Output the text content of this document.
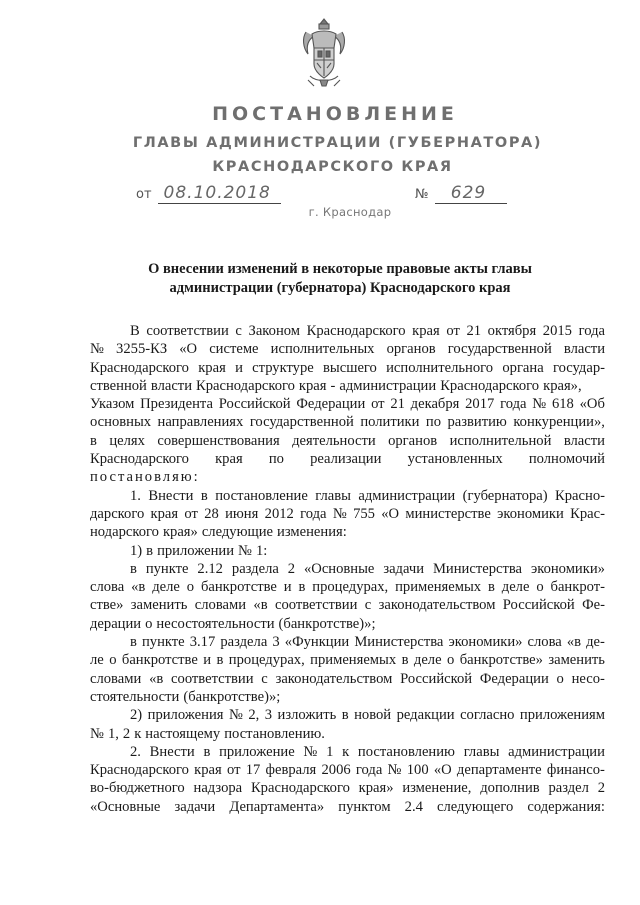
ПОСТАНОВЛЕНИЕ
ГЛАВЫ АДМИНИСТРАЦИИ (ГУБЕРНАТОРА)
КРАСНОДАРСКОГО КРАЯ
от 08.10.2018	№ 629
г. Краснодар
О внесении изменений в некоторые правовые акты главы
администрации (губернатора) Краснодарского края
В соответствии с Законом Краснодарского края от 21 октября 2015 года
№ 3255-КЗ «О системе исполнительных органов государственной власти
Краснодарского края и структуре высшего исполнительного органа государ-
ственной власти Краснодарского края - администрации Краснодарского края»,
Указом Президента Российской Федерации от 21 декабря 2017 года № 618 «Об
основных направлениях государственной политики по развитию конкуренции»,
в целях совершенствования деятельности органов исполнительной власти
Краснодарского края по реализации установленных полномочий
постановляю:
1. Внести в постановление главы администрации (губернатора) Красно-
дарского края от 28 июня 2012 года № 755 «О министерстве экономики Крас-
нодарского края» следующие изменения:
1) в приложении № 1:
в пункте 2.12 раздела 2 «Основные задачи Министерства экономики»
слова «в деле о банкротстве и в процедурах, применяемых в деле о банкрот-
стве» заменить словами «в соответствии с законодательством Российской Фе-
дерации о несостоятельности (банкротстве)»;
в пункте 3.17 раздела 3 «Функции Министерства экономики» слова «в де-
ле о банкротстве и в процедурах, применяемых в деле о банкротстве» заменить
словами «в соответствии с законодательством Российской Федерации о несо-
стоятельности (банкротстве)»;
2) приложения № 2, 3 изложить в новой редакции согласно приложениям
№ 1, 2 к настоящему постановлению.
2. Внести в приложение № 1 к постановлению главы администрации
Краснодарского края от 17 февраля 2006 года № 100 «О департаменте финансо-
во-бюджетного надзора Краснодарского края» изменение, дополнив раздел 2
«Основные задачи Департамента» пунктом 2.4 следующего содержания:
